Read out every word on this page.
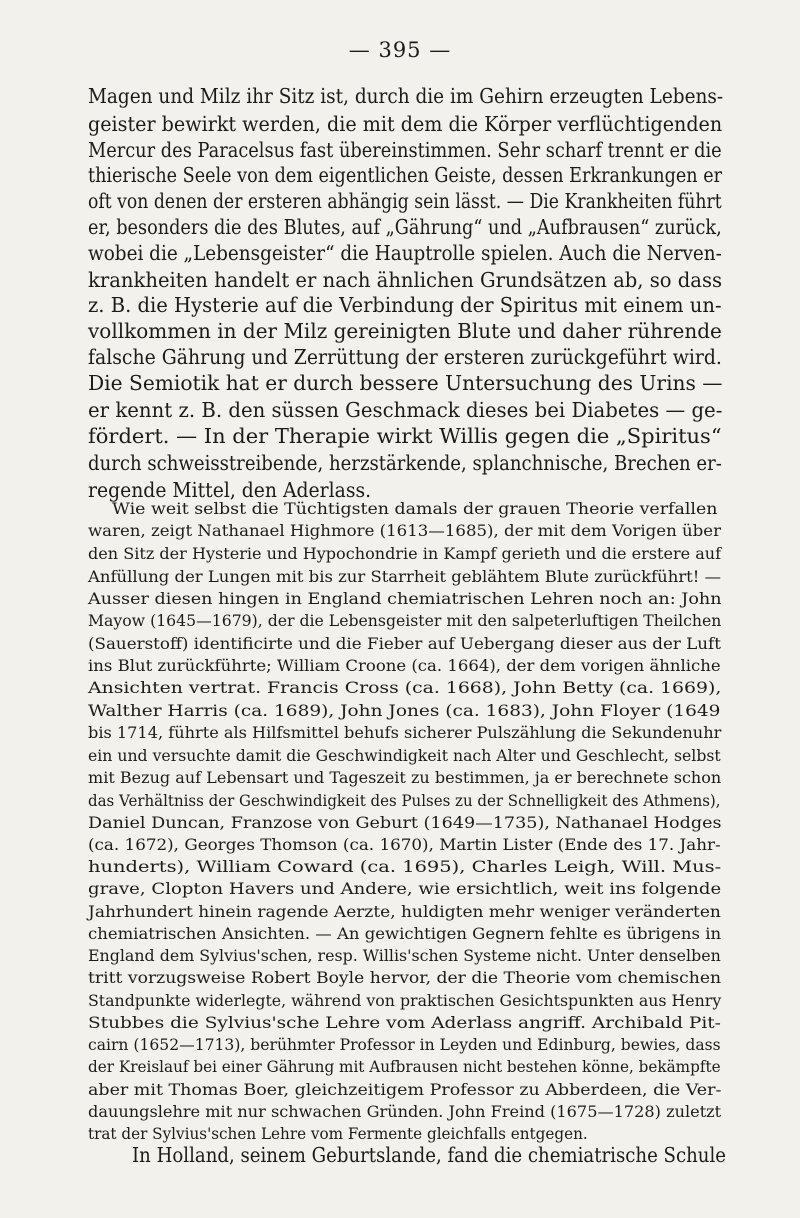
— 395 —
Magen und Milz ihr Sitz ist, durch die im Gehirn erzeugten Lebens-
geister bewirkt werden, die mit dem die Körper verflüchtigenden
Mercur des Paracelsus fast übereinstimmen. Sehr scharf trennt er die
thierische Seele von dem eigentlichen Geiste, dessen Erkrankungen er
oft von denen der ersteren abhängig sein lässt. — Die Krankheiten führt
er, besonders die des Blutes, auf „Gährung“ und „Aufbrausen“ zurück,
wobei die „Lebensgeister“ die Hauptrolle spielen. Auch die Nerven-
krankheiten handelt er nach ähnlichen Grundsätzen ab, so dass
z. B. die Hysterie auf die Verbindung der Spiritus mit einem un-
vollkommen in der Milz gereinigten Blute und daher rührende
falsche Gährung und Zerrüttung der ersteren zurückgeführt wird.
Die Semiotik hat er durch bessere Untersuchung des Urins —
er kennt z. B. den süssen Geschmack dieses bei Diabetes — ge-
fördert. — In der Therapie wirkt Willis gegen die „Spiritus“
durch schweisstreibende, herzstärkende, splanchnische, Brechen er-
regende Mittel, den Aderlass.
Wie weit selbst die Tüchtigsten damals der grauen Theorie verfallen
waren, zeigt Nathanael Highmore (1613—1685), der mit dem Vorigen über
den Sitz der Hysterie und Hypochondrie in Kampf gerieth und die erstere auf
Anfüllung der Lungen mit bis zur Starrheit geblähtem Blute zurückführt! —
Ausser diesen hingen in England chemiatrischen Lehren noch an: John
Mayow (1645—1679), der die Lebensgeister mit den salpeterluftigen Theilchen
(Sauerstoff) identificirte und die Fieber auf Uebergang dieser aus der Luft
ins Blut zurückführte; William Croone (ca. 1664), der dem vorigen ähnliche
Ansichten vertrat. Francis Cross (ca. 1668), John Betty (ca. 1669),
Walther Harris (ca. 1689), John Jones (ca. 1683), John Floyer (1649
bis 1714, führte als Hilfsmittel behufs sicherer Pulszählung die Sekundenuhr
ein und versuchte damit die Geschwindigkeit nach Alter und Geschlecht, selbst
mit Bezug auf Lebensart und Tageszeit zu bestimmen, ja er berechnete schon
das Verhältniss der Geschwindigkeit des Pulses zu der Schnelligkeit des Athmens),
Daniel Duncan, Franzose von Geburt (1649—1735), Nathanael Hodges
(ca. 1672), Georges Thomson (ca. 1670), Martin Lister (Ende des 17. Jahr-
hunderts), William Coward (ca. 1695), Charles Leigh, Will. Mus-
grave, Clopton Havers und Andere, wie ersichtlich, weit ins folgende
Jahrhundert hinein ragende Aerzte, huldigten mehr weniger veränderten
chemiatrischen Ansichten. — An gewichtigen Gegnern fehlte es übrigens in
England dem Sylvius'schen, resp. Willis'schen Systeme nicht. Unter denselben
tritt vorzugsweise Robert Boyle hervor, der die Theorie vom chemischen
Standpunkte widerlegte, während von praktischen Gesichtspunkten aus Henry
Stubbes die Sylvius'sche Lehre vom Aderlass angriff. Archibald Pit-
cairn (1652—1713), berühmter Professor in Leyden und Edinburg, bewies, dass
der Kreislauf bei einer Gährung mit Aufbrausen nicht bestehen könne, bekämpfte
aber mit Thomas Boer, gleichzeitigem Professor zu Abberdeen, die Ver-
dauungslehre mit nur schwachen Gründen. John Freind (1675—1728) zuletzt
trat der Sylvius'schen Lehre vom Fermente gleichfalls entgegen.
In Holland, seinem Geburtslande, fand die chemiatrische Schule
